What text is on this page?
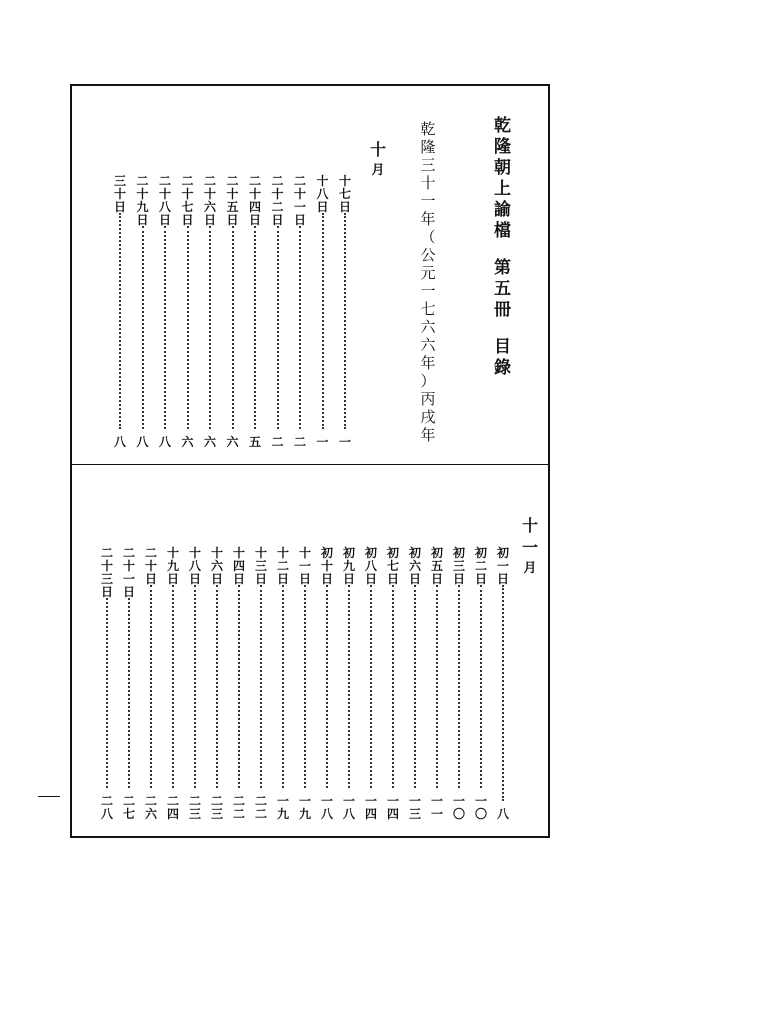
乾
隆
朝
上
諭
檔
第
五
冊
目
錄
乾
隆
三
十
一
年
（
公
元
一
七
六
六
年
）
丙
戌
年
十
月
十
七
日
一
十
八
日
一
二
十
一
日
二
二
十
二
日
二
二
十
四
日
五
二
十
五
日
六
二
十
六
日
六
二
十
七
日
六
二
十
八
日
八
二
十
九
日
八
三
十
日
八
十
一
月
初
一
日
八
初
二
日
一
〇
初
三
日
一
〇
初
五
日
一
一
初
六
日
一
三
初
七
日
一
四
初
八
日
一
四
初
九
日
一
八
初
十
日
一
八
十
一
日
一
九
十
二
日
一
九
十
三
日
二
二
十
四
日
二
二
十
六
日
二
三
十
八
日
二
三
十
九
日
二
四
二
十
日
二
六
二
十
一
日
二
七
二
十
三
日
二
八
